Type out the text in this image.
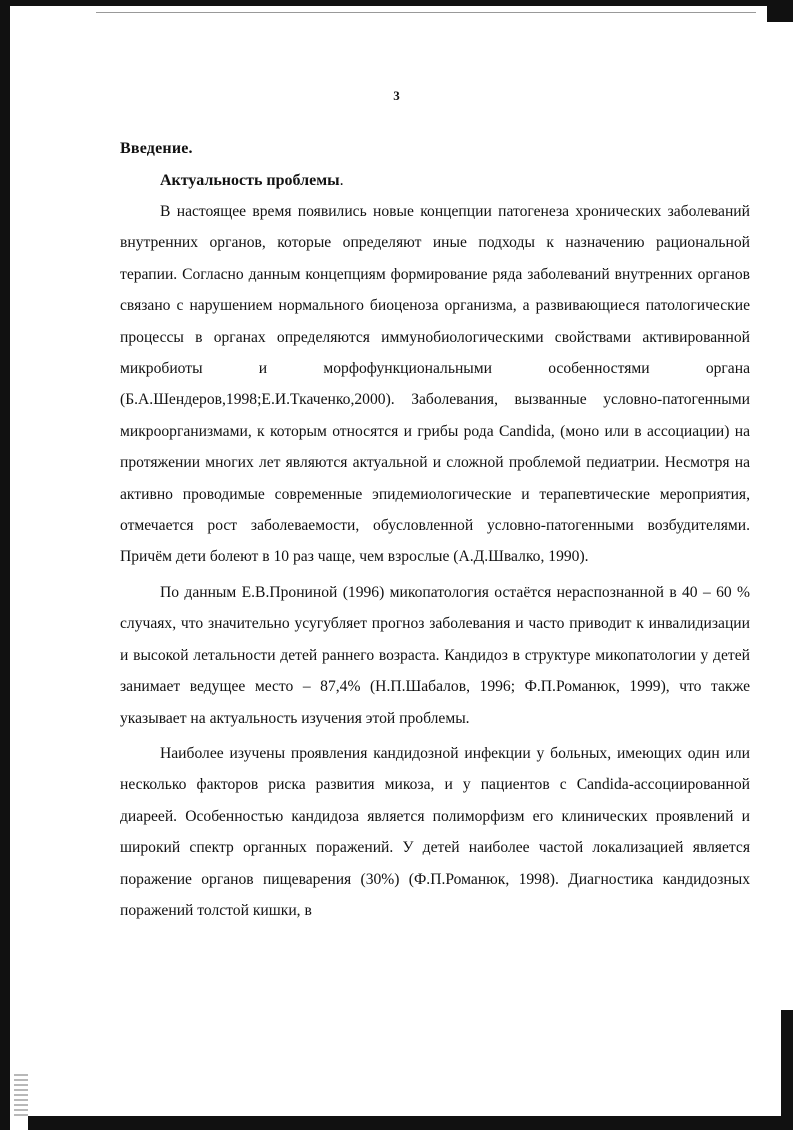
3
Введение.
Актуальность проблемы.

В настоящее время появились новые концепции патогенеза хронических заболеваний внутренних органов, которые определяют иные подходы к назначению рациональной терапии. Согласно данным концепциям формирование ряда заболеваний внутренних органов связано с нарушением нормального биоценоза организма, а развивающиеся патологические процессы в органах определяются иммунобиологическими свойствами активированной микробиоты и морфофункциональными особенностями органа (Б.А.Шендеров,1998;Е.И.Ткаченко,2000). Заболевания, вызванные условно-патогенными микроорганизмами, к которым относятся и грибы рода Candida, (моно или в ассоциации) на протяжении многих лет являются актуальной и сложной проблемой педиатрии. Несмотря на активно проводимые современные эпидемиологические и терапевтические мероприятия, отмечается рост заболеваемости, обусловленной условно-патогенными возбудителями. Причём дети болеют в 10 раз чаще, чем взрослые (А.Д.Швалко, 1990).

По данным Е.В.Прониной (1996) микопатология остаётся нераспознанной в 40 – 60 % случаях, что значительно усугубляет прогноз заболевания и часто приводит к инвалидизации и высокой летальности детей раннего возраста. Кандидоз в структуре микопатологии у детей занимает ведущее место – 87,4% (Н.П.Шабалов, 1996; Ф.П.Романюк, 1999), что также указывает на актуальность изучения этой проблемы.

Наиболее изучены проявления кандидозной инфекции у больных, имеющих один или несколько факторов риска развития микоза, и у пациентов с Candida-ассоциированной диареей. Особенностью кандидоза является полиморфизм его клинических проявлений и широкий спектр органных поражений. У детей наиболее частой локализацией является поражение органов пищеварения (30%) (Ф.П.Романюк, 1998). Диагностика кандидозных поражений толстой кишки, в
